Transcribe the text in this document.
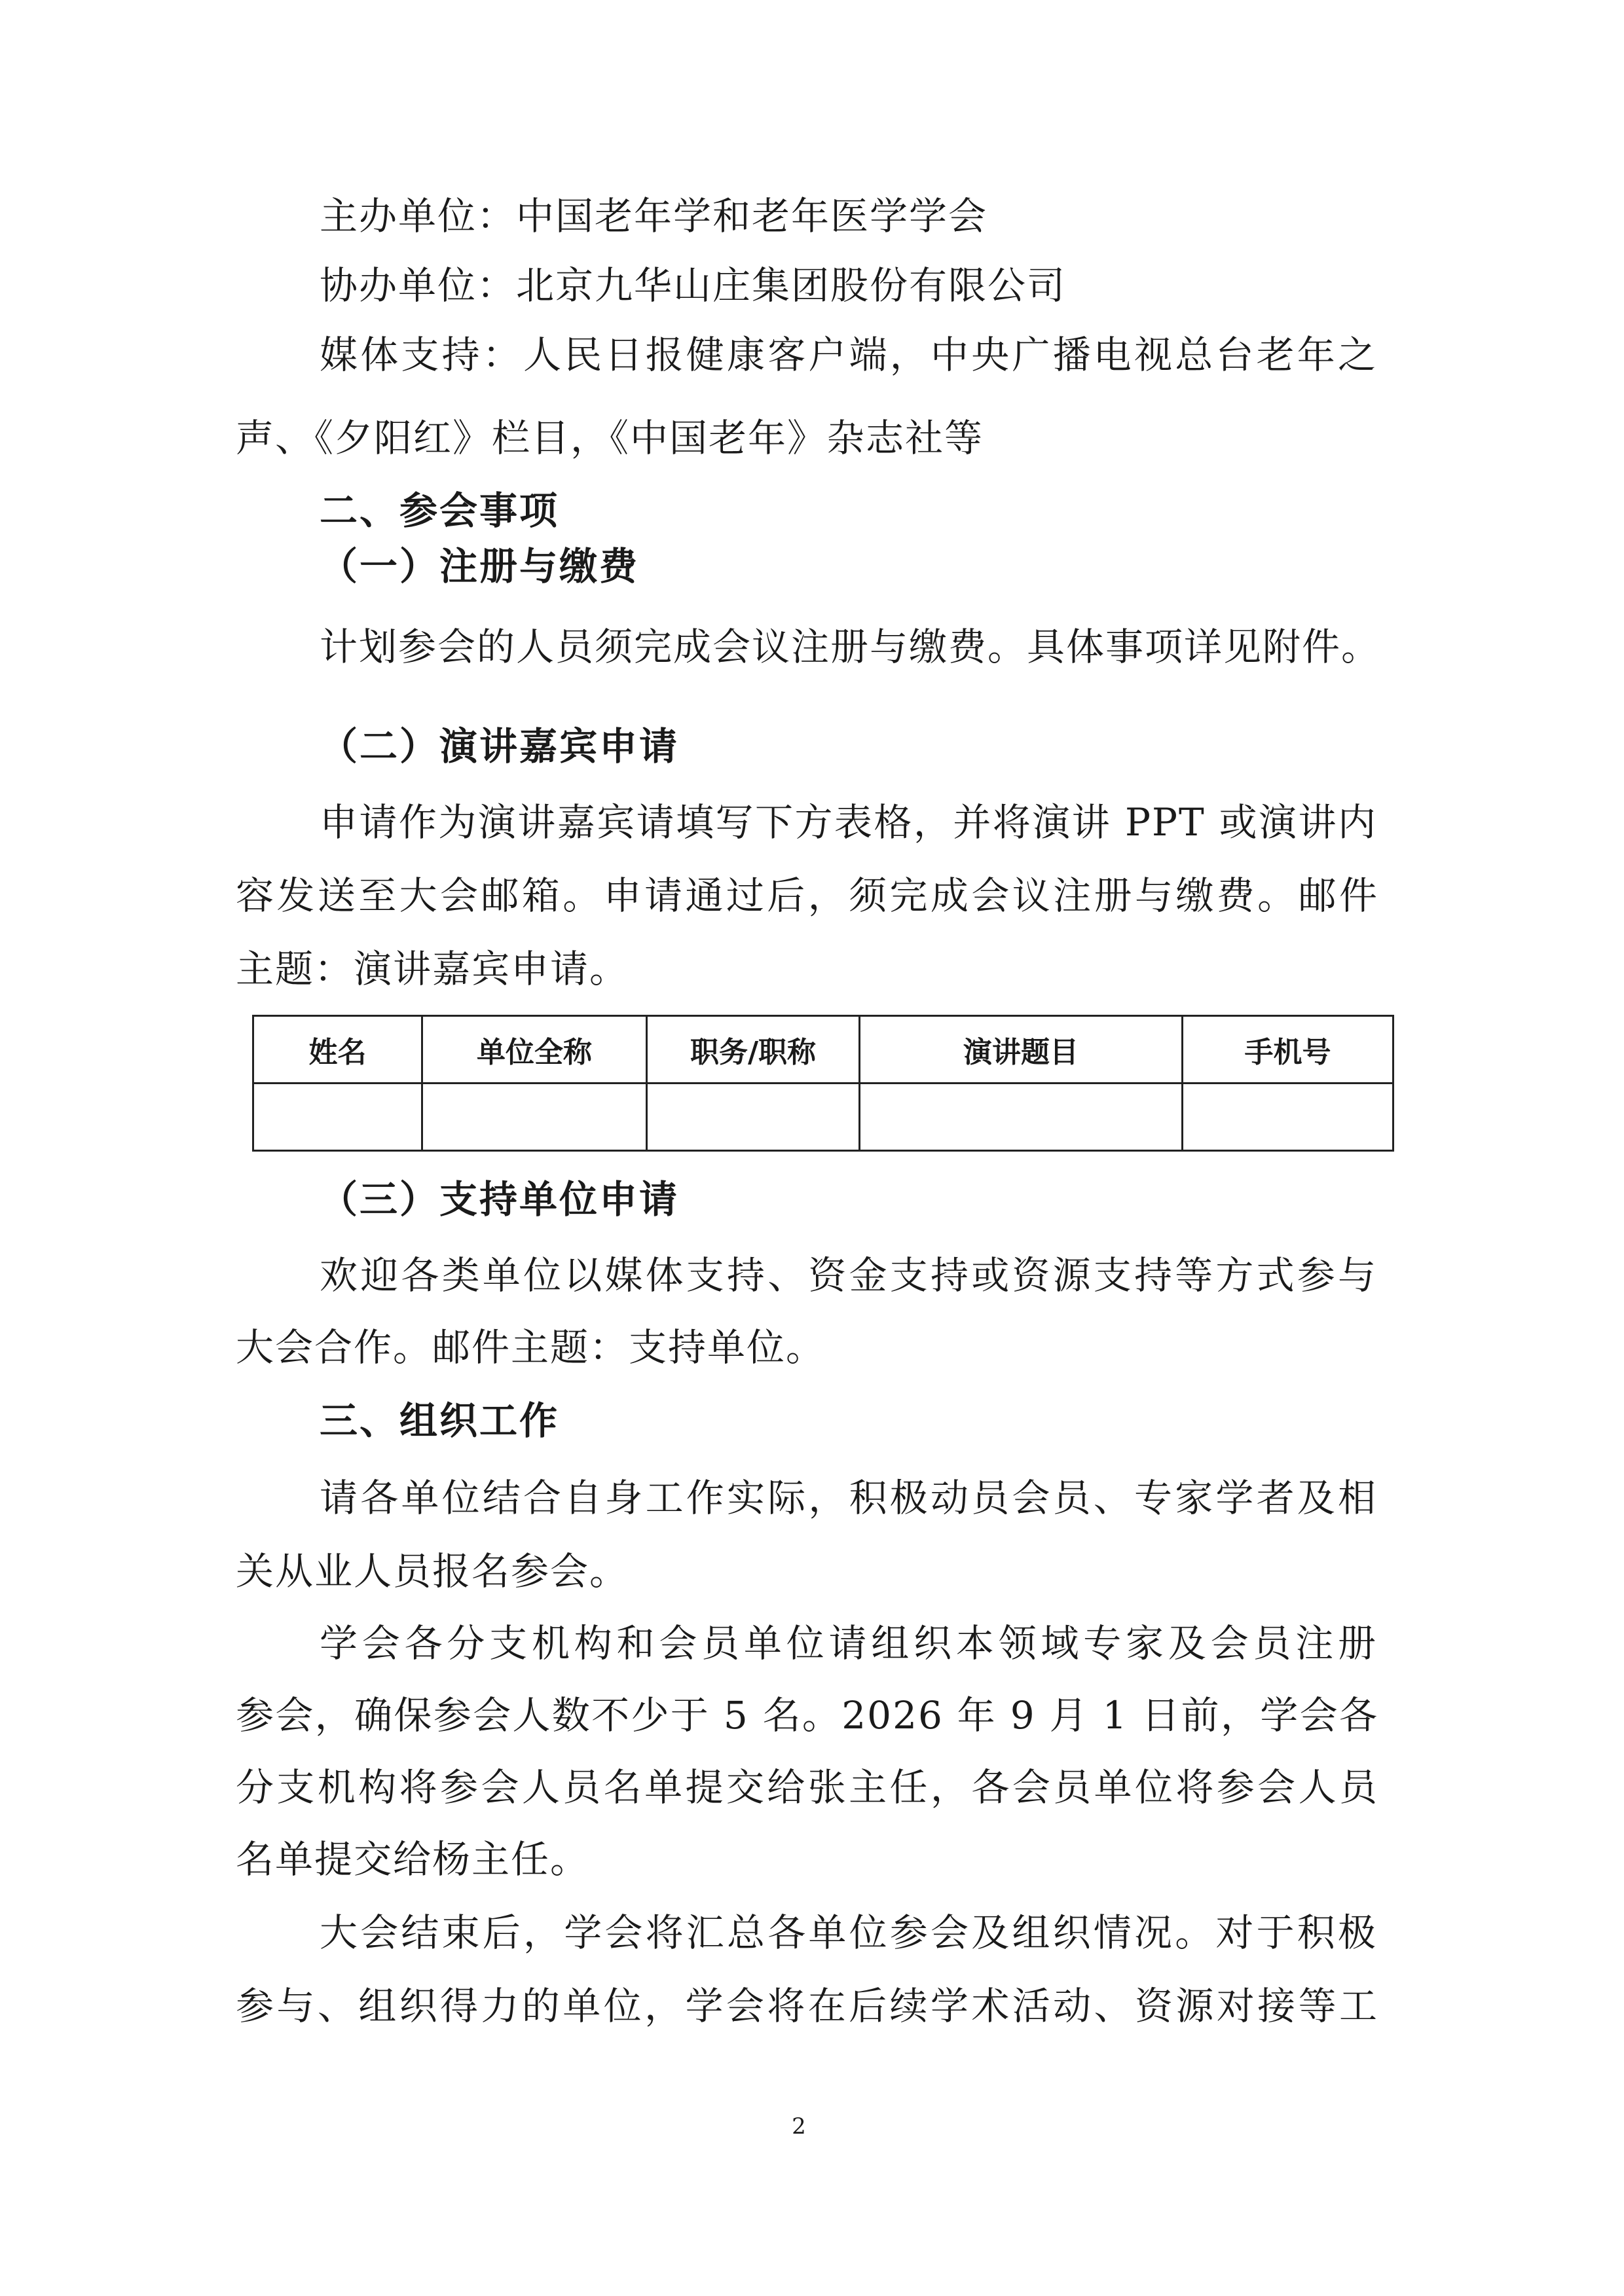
主办单位：中国老年学和老年医学学会
协办单位：北京九华山庄集团股份有限公司
媒体支持：人民日报健康客户端，中央广播电视总台老年之
声、《夕阳红》栏目，《中国老年》杂志社等
二、参会事项
（一）注册与缴费
计划参会的人员须完成会议注册与缴费。具体事项详见附件。
（二）演讲嘉宾申请
申请作为演讲嘉宾请填写下方表格，并将演讲 PPT 或演讲内
容发送至大会邮箱。申请通过后，须完成会议注册与缴费。邮件
主题：演讲嘉宾申请。
姓名	单位全称	职务/职称	演讲题目	手机号

（三）支持单位申请
欢迎各类单位以媒体支持、资金支持或资源支持等方式参与
大会合作。邮件主题：支持单位。
三、组织工作
请各单位结合自身工作实际，积极动员会员、专家学者及相
关从业人员报名参会。
学会各分支机构和会员单位请组织本领域专家及会员注册
参会，确保参会人数不少于 5 名。2026 年 9 月 1 日前，学会各
分支机构将参会人员名单提交给张主任，各会员单位将参会人员
名单提交给杨主任。
大会结束后，学会将汇总各单位参会及组织情况。对于积极
参与、组织得力的单位，学会将在后续学术活动、资源对接等工
2
